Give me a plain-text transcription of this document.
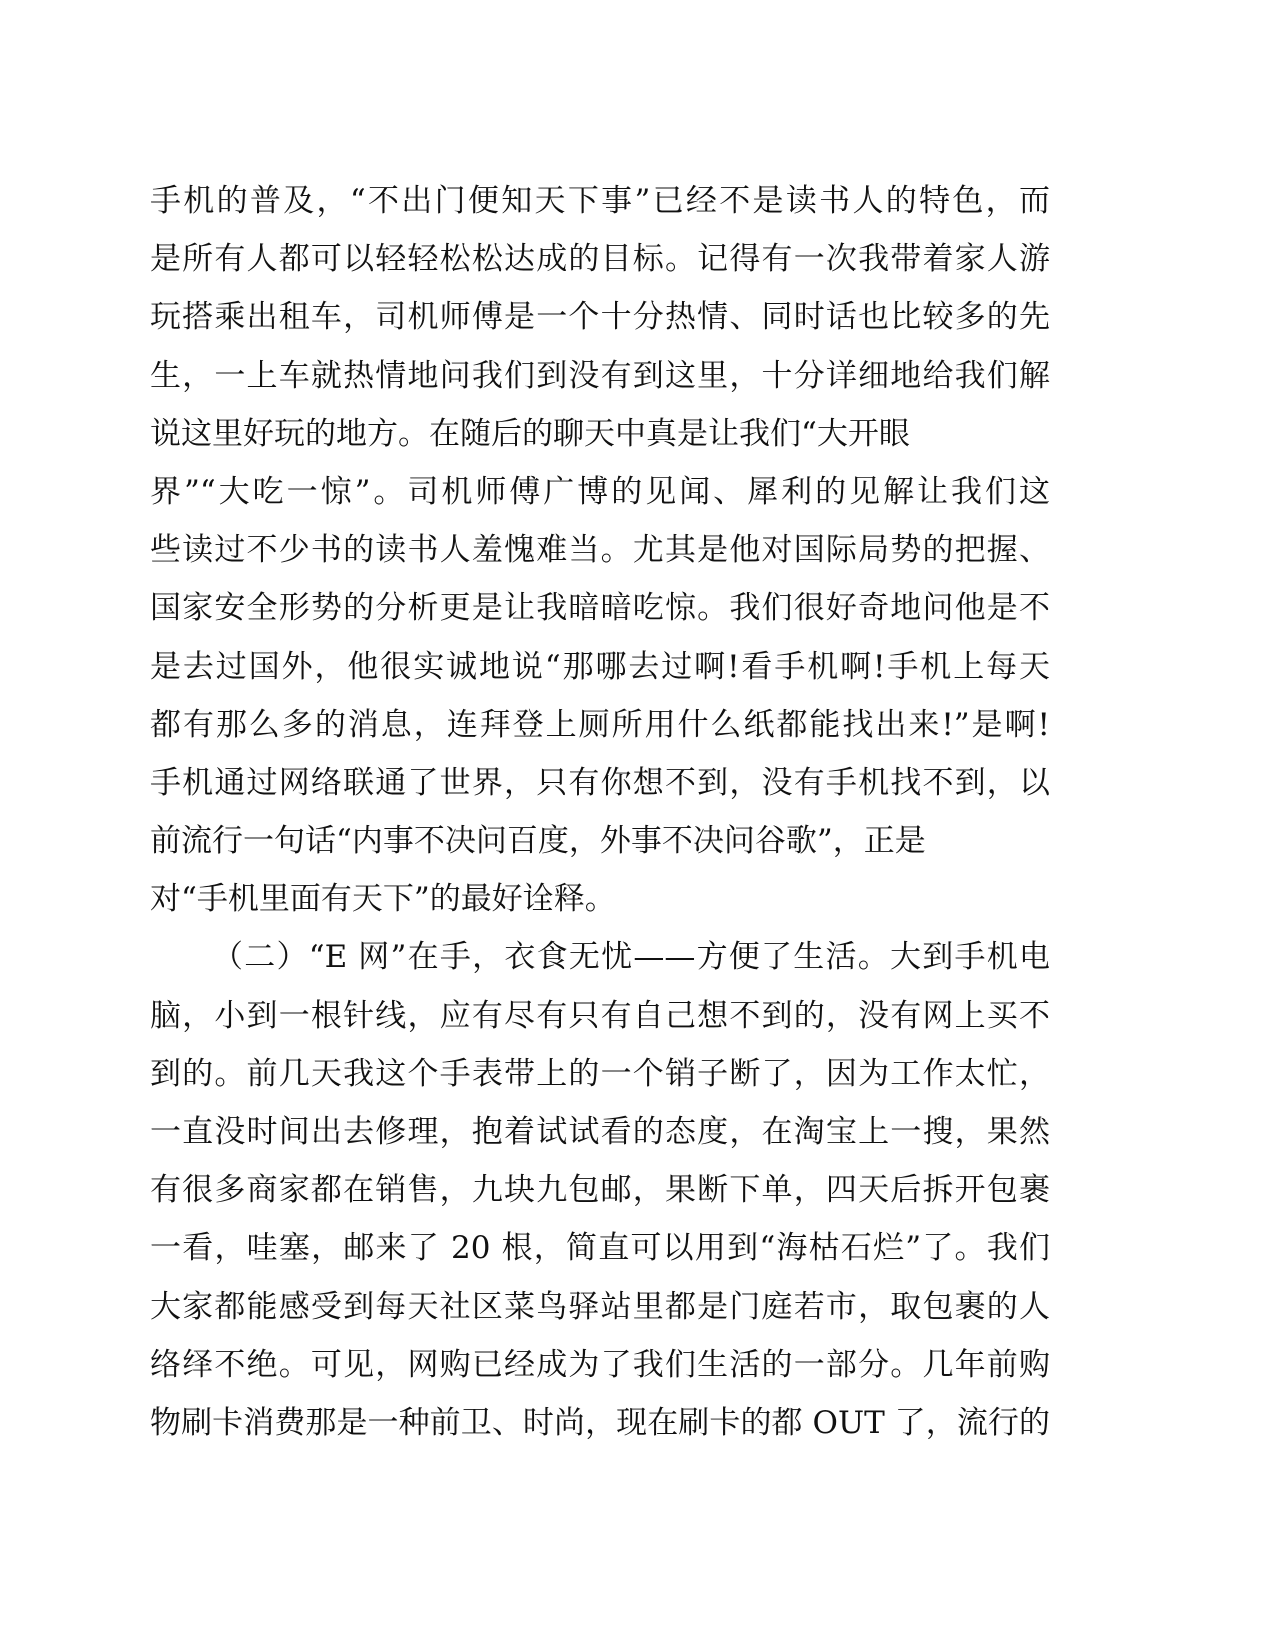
手机的普及，“不出门便知天下事”已经不是读书人的特色，而
是所有人都可以轻轻松松达成的目标。记得有一次我带着家人游
玩搭乘出租车，司机师傅是一个十分热情、同时话也比较多的先
生，一上车就热情地问我们到没有到这里，十分详细地给我们解
说这里好玩的地方。在随后的聊天中真是让我们“大开眼
界”“大吃一惊”。司机师傅广博的见闻、犀利的见解让我们这
些读过不少书的读书人羞愧难当。尤其是他对国际局势的把握、
国家安全形势的分析更是让我暗暗吃惊。我们很好奇地问他是不
是去过国外，他很实诚地说“那哪去过啊!看手机啊!手机上每天
都有那么多的消息，连拜登上厕所用什么纸都能找出来!”是啊!
手机通过网络联通了世界，只有你想不到，没有手机找不到，以
前流行一句话“内事不决问百度，外事不决问谷歌”，正是
对“手机里面有天下”的最好诠释。
（二）“E 网”在手，衣食无忧——方便了生活。大到手机电
脑，小到一根针线，应有尽有只有自己想不到的，没有网上买不
到的。前几天我这个手表带上的一个销子断了，因为工作太忙，
一直没时间出去修理，抱着试试看的态度，在淘宝上一搜，果然
有很多商家都在销售，九块九包邮，果断下单，四天后拆开包裹
一看，哇塞，邮来了 20 根，简直可以用到“海枯石烂”了。我们
大家都能感受到每天社区菜鸟驿站里都是门庭若市，取包裹的人
络绎不绝。可见，网购已经成为了我们生活的一部分。几年前购
物刷卡消费那是一种前卫、时尚，现在刷卡的都 OUT 了，流行的
